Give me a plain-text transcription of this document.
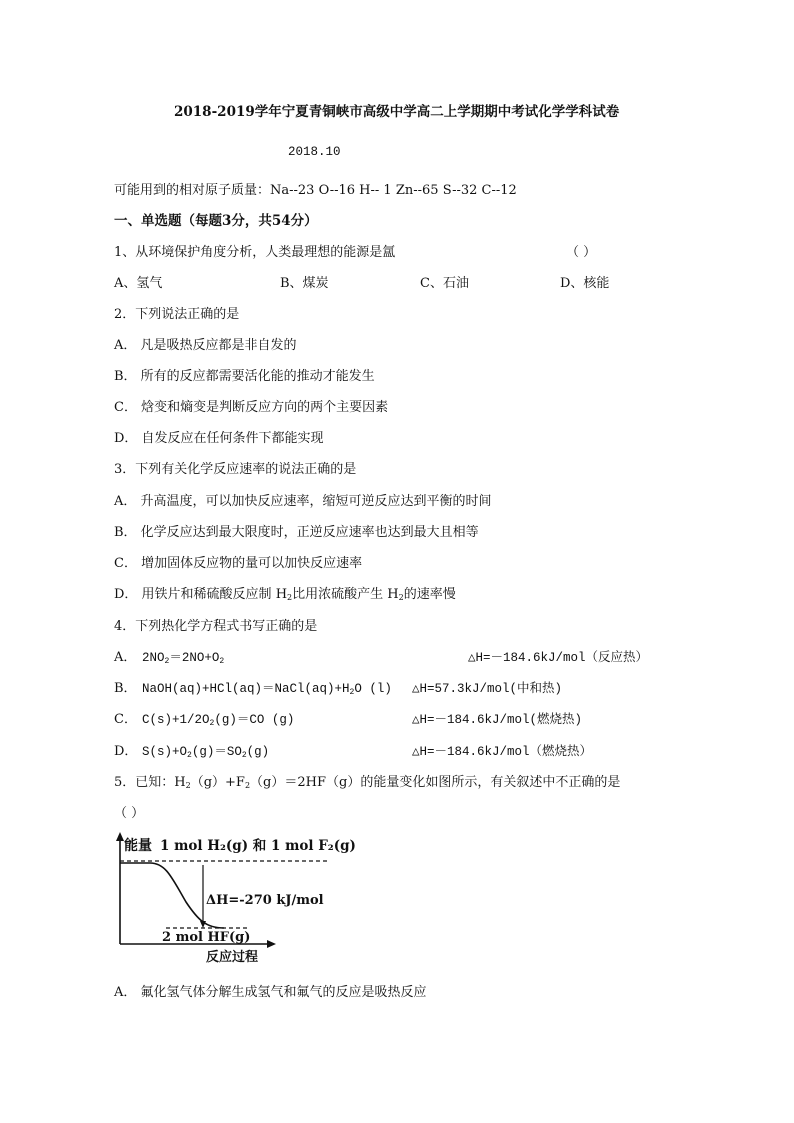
2018-2019学年宁夏青铜峡市高级中学高二上学期期中考试化学学科试卷
2018.10
可能用到的相对原子质量：Na--23 O--16 H-- 1 Zn--65 S--32 C--12
一、单选题（每题3分，共54分）
1、从环境保护角度分析，人类最理想的能源是氲	（ ）
A、氢气	B、煤炭	C、石油	D、核能
2．下列说法正确的是
A． 凡是吸热反应都是非自发的
B． 所有的反应都需要活化能的推动才能发生
C． 焓变和熵变是判断反应方向的两个主要因素
D． 自发反应在任何条件下都能实现
3．下列有关化学反应速率的说法正确的是
A． 升高温度，可以加快反应速率，缩短可逆反应达到平衡的时间
B． 化学反应达到最大限度时，正逆反应速率也达到最大且相等
C． 增加固体反应物的量可以加快反应速率
D． 用铁片和稀硫酸反应制 $H_2$比用浓硫酸产生 $H_2$的速率慢
4．下列热化学方程式书写正确的是
A． $2NO_2=2NO+O_2$	△H=－184.6kJ/mol（反应热）
B． $NaOH(aq)+HCl(aq)=NaCl(aq)+H_2O$ (l) △H=57.3kJ/mol(中和热)
C． $C(s)+1/2O_2(g)=CO$ (g)	△H=－184.6kJ/mol(燃烧热)
D． $S(s)+O_2(g)=SO_2(g)$	△H=－184.6kJ/mol（燃烧热）
5．已知：$H_2(g)+F_2(g)=2HF(g)$的能量变化如图所示，有关叙述中不正确的是
（ ）
能量
反应过程
1 mol H₂(g) 和 1 mol F₂(g)
ΔH=-270 kJ/mol
2 mol HF(g)
A． 氟化氢气体分解生成氢气和氟气的反应是吸热反应
